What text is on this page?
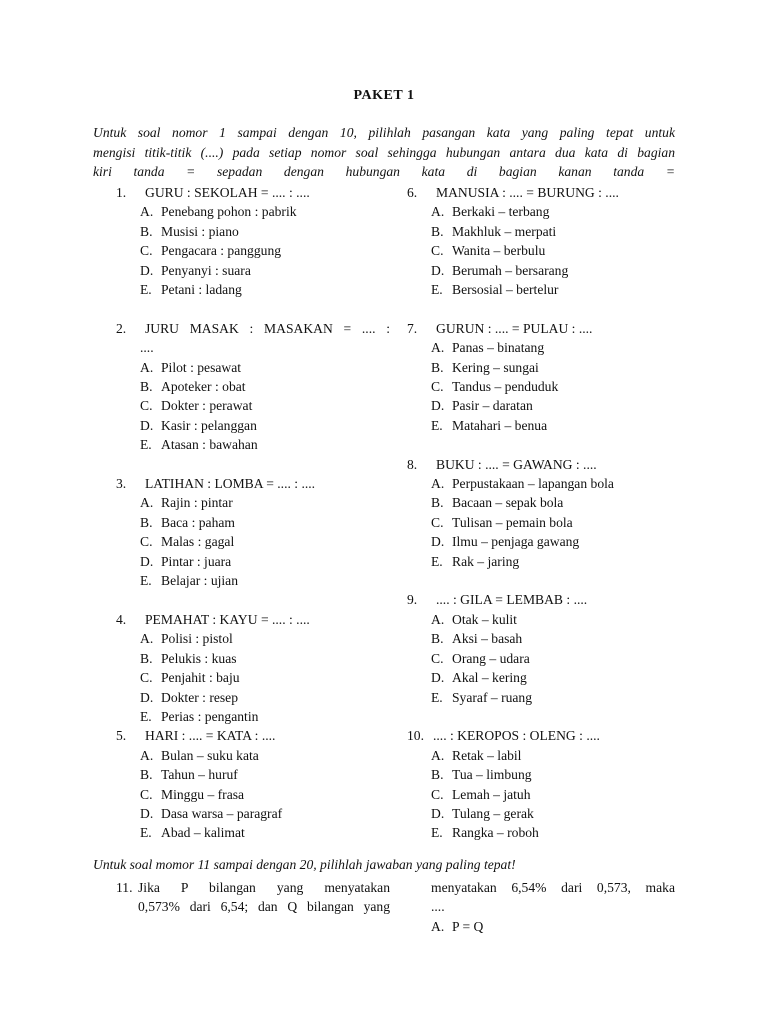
PAKET 1
Untuk soal nomor 1 sampai dengan 10, pilihlah pasangan kata yang paling tepat untuk
mengisi titik-titik (....) pada setiap nomor soal sehingga hubungan antara dua kata di bagian
kiri tanda = sepadan dengan hubungan kata di bagian kanan tanda =
1.	GURU : SEKOLAH = .... : ....
A. Penebang pohon : pabrik
B. Musisi : piano
C. Pengacara : panggung
D. Penyanyi : suara
E. Petani : ladang
2.	JURU MASAK : MASAKAN = .... :
....
A. Pilot : pesawat
B. Apoteker : obat
C. Dokter : perawat
D. Kasir : pelanggan
E. Atasan : bawahan
3.	LATIHAN : LOMBA = .... : ....
A. Rajin : pintar
B. Baca : paham
C. Malas : gagal
D. Pintar : juara
E. Belajar : ujian
4.	PEMAHAT : KAYU = .... : ....
A. Polisi : pistol
B. Pelukis : kuas
C. Penjahit : baju
D. Dokter : resep
E. Perias : pengantin
5.	HARI : .... = KATA : ....
A. Bulan – suku kata
B. Tahun – huruf
C. Minggu – frasa
D. Dasa warsa – paragraf
E. Abad – kalimat
6.	MANUSIA : .... = BURUNG : ....
A. Berkaki – terbang
B. Makhluk – merpati
C. Wanita – berbulu
D. Berumah – bersarang
E. Bersosial – bertelur
7.	GURUN : .... = PULAU : ....
A. Panas – binatang
B. Kering – sungai
C. Tandus – penduduk
D. Pasir – daratan
E. Matahari – benua
8.	BUKU : .... = GAWANG : ....
A. Perpustakaan – lapangan bola
B. Bacaan – sepak bola
C. Tulisan – pemain bola
D. Ilmu – penjaga gawang
E. Rak – jaring
9.	.... : GILA = LEMBAB : ....
A. Otak – kulit
B. Aksi – basah
C. Orang – udara
D. Akal – kering
E. Syaraf – ruang
10. .... : KEROPOS : OLENG : ....
A. Retak – labil
B. Tua – limbung
C. Lemah – jatuh
D. Tulang – gerak
E. Rangka – roboh
Untuk soal momor 11 sampai dengan 20, pilihlah jawaban yang paling tepat!
11. Jika P bilangan yang menyatakan
0,573% dari 6,54; dan Q bilangan yang
menyatakan 6,54% dari 0,573, maka
....
A. P = Q
